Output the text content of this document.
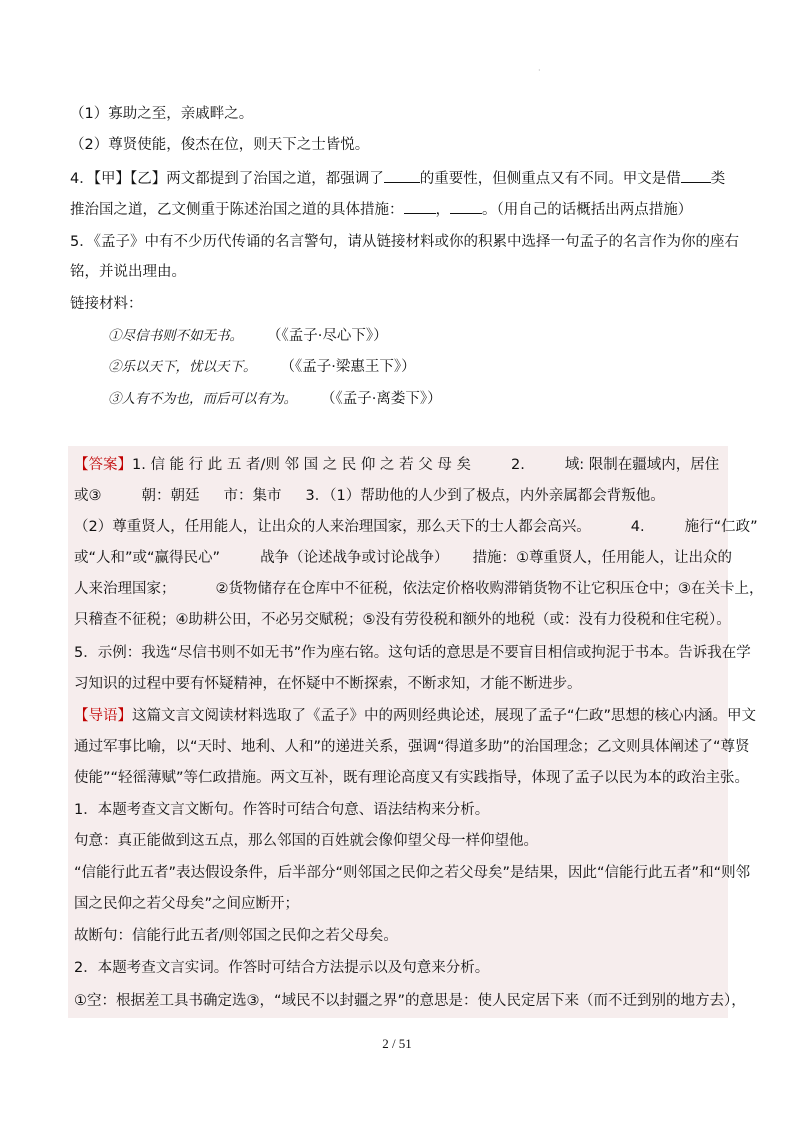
·
（1）寡助之至，亲戚畔之。
（2）尊贤使能，俊杰在位，则天下之士皆悦。
4．【甲】【乙】两文都提到了治国之道，都强调了 的重要性，但侧重点又有不同。甲文是借 类
推治国之道，乙文侧重于陈述治国之道的具体措施： ， 。（用自己的话概括出两点措施）
5．《孟子》中有不少历代传诵的名言警句，请从链接材料或你的积累中选择一句孟子的名言作为你的座右
铭，并说出理由。
链接材料：
①尽信书则不如无书。 （《孟子·尽心下》）
②乐以天下，忧以天下。 （《孟子·梁惠王下》）
③人有不为也，而后可以有为。 （《孟子·离娄下》）
【答案】1. 信 能 行 此 五 者/则 邻 国 之 民 仰 之 若 父 母 矣	2.	域: 限制在疆域内，居住
或③	朝：朝廷 市：集市 3．（1）帮助他的人少到了极点，内外亲属都会背叛他。
（2）尊重贤人，任用能人，让出众的人来治理国家，那么天下的士人都会高兴。	4.	施行“仁政”
或“人和”或“赢得民心”	战争（论述战争或讨论战争） 措施：①尊重贤人，任用能人，让出众的
人来治理国家；	②货物储存在仓库中不征税，依法定价格收购滞销货物不让它积压仓中；③在关卡上，
只稽查不征税；④助耕公田，不必另交赋税；⑤没有劳役税和额外的地税（或：没有力役税和住宅税）。
5．示例：我选“尽信书则不如无书”作为座右铭。这句话的意思是不要盲目相信或拘泥于书本。告诉我在学
习知识的过程中要有怀疑精神，在怀疑中不断探索，不断求知，才能不断进步。
【导语】这篇文言文阅读材料选取了《孟子》中的两则经典论述，展现了孟子“仁政”思想的核心内涵。甲文
通过军事比喻，以“天时、地利、人和”的递进关系，强调“得道多助”的治国理念；乙文则具体阐述了“尊贤
使能”“轻徭薄赋”等仁政措施。两文互补，既有理论高度又有实践指导，体现了孟子以民为本的政治主张。
1．本题考查文言文断句。作答时可结合句意、语法结构来分析。
句意：真正能做到这五点，那么邻国的百姓就会像仰望父母一样仰望他。
“信能行此五者”表达假设条件，后半部分“则邻国之民仰之若父母矣”是结果，因此“信能行此五者”和“则邻
国之民仰之若父母矣”之间应断开；
故断句：信能行此五者/则邻国之民仰之若父母矣。
2．本题考查文言实词。作答时可结合方法提示以及句意来分析。
①空：根据差工具书确定选③，“域民不以封疆之界”的意思是：使人民定居下来（而不迁到别的地方去），
2 / 51
